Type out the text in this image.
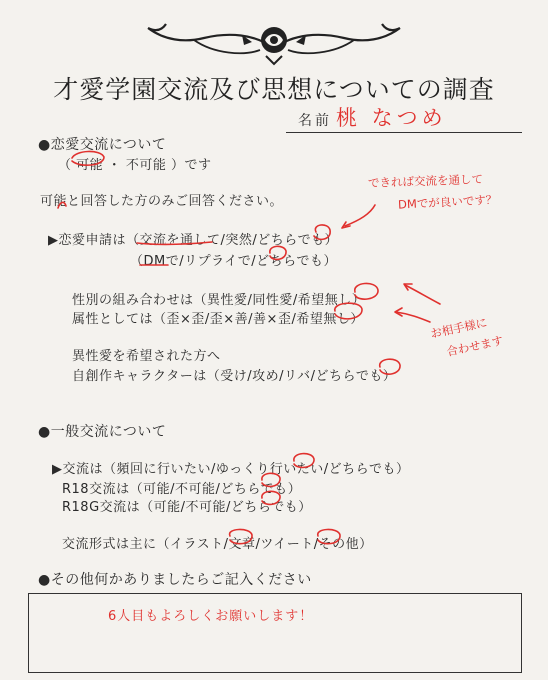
才愛学園交流及び思想についての調査
名前 桃 なつめ
●恋愛交流について
（ 可能 ・ 不可能 ）です
可能と回答した方のみご回答ください。
▶恋愛申請は（交流を通して/突然/どちらでも）
（DMで/リプライで/どちらでも）
性別の組み合わせは（異性愛/同性愛/希望無し）
属性としては（歪×歪/歪×善/善×歪/希望無し）
異性愛を希望された方へ
自創作キャラクターは（受け/攻め/リバ/どちらでも）
●一般交流について
▶交流は（頻回に行いたい/ゆっくり行いたい/どちらでも）
R18交流は（可能/不可能/どちらでも）
R18G交流は（可能/不可能/どちらでも）
交流形式は主に（イラスト/文章/ツイート/その他）
●その他何かありましたらご記入ください
6人目もよろしくお願いします！
できれば交流を通して
DMでが良いです？
お相手様に
合わせます
